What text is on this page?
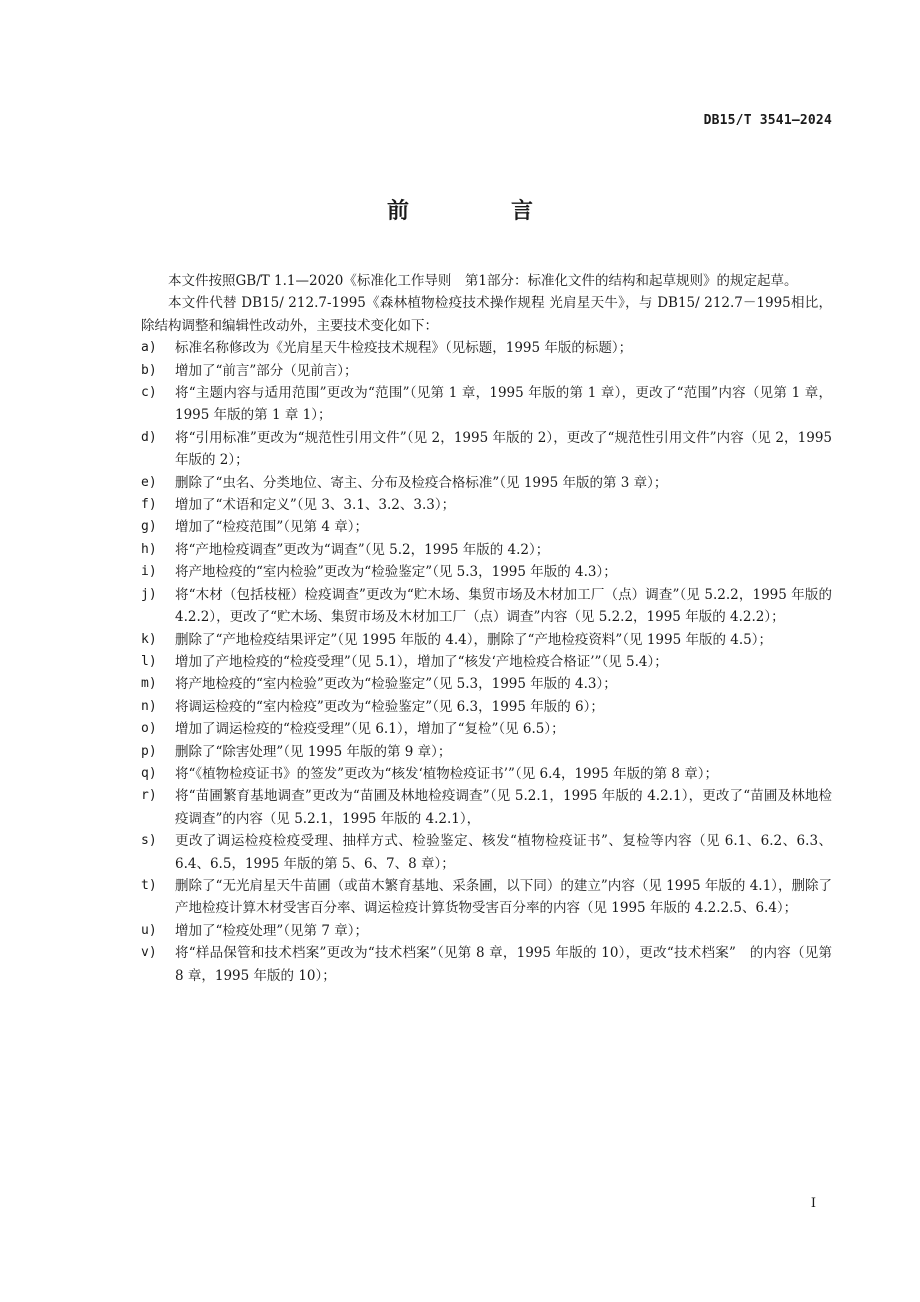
DB15/T 3541—2024
前　言

本文件按照GB/T 1.1—2020《标准化工作导则　第1部分：标准化文件的结构和起草规则》的规定起草。

本文件代替 DB15/ 212.7-1995《森林植物检疫技术操作规程 光肩星天牛》，与 DB15/ 212.7－1995相比，除结构调整和编辑性改动外，主要技术变化如下：

a)	标准名称修改为《光肩星天牛检疫技术规程》（见标题，1995 年版的标题）；
b)	增加了“前言”部分（见前言）；
c)	将“主题内容与适用范围”更改为“范围”（见第 1 章，1995 年版的第 1 章），更改了“范围”内容（见第 1 章，1995 年版的第 1 章 1）；
d)	将“引用标准”更改为“规范性引用文件”（见 2，1995 年版的 2），更改了“规范性引用文件”内容（见 2，1995 年版的 2）；
e)	删除了“虫名、分类地位、寄主、分布及检疫合格标准”（见 1995 年版的第 3 章）；
f)	增加了“术语和定义”（见 3、3.1、3.2、3.3）；
g)	增加了“检疫范围”（见第 4 章）；
h)	将“产地检疫调查”更改为“调查”（见 5.2，1995 年版的 4.2）；
i)	将产地检疫的“室内检验”更改为“检验鉴定”（见 5.3，1995 年版的 4.3）；
j)	将“木材（包括枝桠）检疫调查”更改为“贮木场、集贸市场及木材加工厂（点）调查”（见 5.2.2，1995 年版的 4.2.2），更改了“贮木场、集贸市场及木材加工厂（点）调查”内容（见 5.2.2，1995 年版的 4.2.2）；
k)	删除了“产地检疫结果评定”（见 1995 年版的 4.4），删除了“产地检疫资料”（见 1995 年版的 4.5）；
l)	增加了产地检疫的“检疫受理”（见 5.1），增加了“核发‘产地检疫合格证’”（见 5.4）；
m)	将产地检疫的“室内检验”更改为“检验鉴定”（见 5.3，1995 年版的 4.3）；
n)	将调运检疫的“室内检疫”更改为“检验鉴定”（见 6.3，1995 年版的 6）；
o)	增加了调运检疫的“检疫受理”（见 6.1），增加了“复检”（见 6.5）；
p)	删除了“除害处理”（见 1995 年版的第 9 章）；
q)	将“《植物检疫证书》的签发”更改为“核发‘植物检疫证书’”（见 6.4，1995 年版的第 8 章）；
r)	将“苗圃繁育基地调查”更改为“苗圃及林地检疫调查”（见 5.2.1，1995 年版的 4.2.1），更改了“苗圃及林地检疫调查”的内容（见 5.2.1，1995 年版的 4.2.1），
s)	更改了调运检疫检疫受理、抽样方式、检验鉴定、核发“植物检疫证书”、复检等内容（见 6.1、6.2、6.3、6.4、6.5，1995 年版的第 5、6、7、8 章）；
t)	删除了“无光肩星天牛苗圃（或苗木繁育基地、采条圃，以下同）的建立”内容（见 1995 年版的 4.1），删除了产地检疫计算木材受害百分率、调运检疫计算货物受害百分率的内容（见 1995 年版的 4.2.2.5、6.4）；
u)	增加了“检疫处理”（见第 7 章）；
v)	将“样品保管和技术档案”更改为“技术档案”（见第 8 章，1995 年版的 10），更改“技术档案”　的内容（见第 8 章，1995 年版的 10）；
I
